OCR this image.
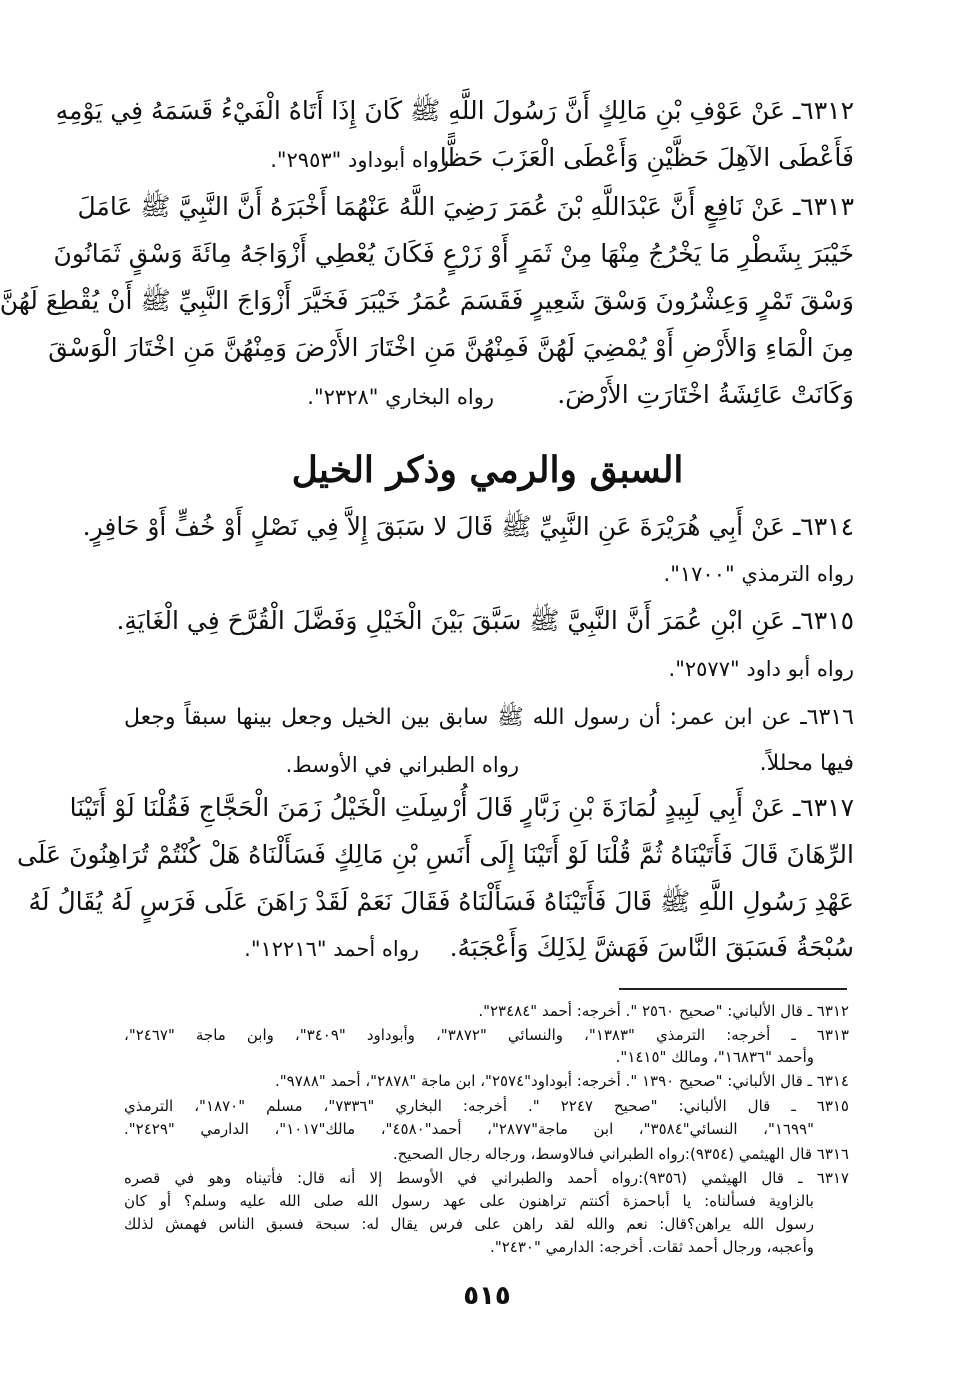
٦٣١٢ـ عَنْ عَوْفِ بْنِ مَالِكٍ أَنَّ رَسُولَ اللَّهِ ﷺ كَانَ إِذَا أَتَاهُ الْفَيْءُ قَسَمَهُ فِي يَوْمِهِ
فَأَعْطَى الآهِلَ حَظَّيْنِ وَأَعْطَى الْعَزَبَ حَظًّا.
رواه أبوداود "٢٩٥٣".
٦٣١٣ـ عَنْ نَافِعٍ أَنَّ عَبْدَاللَّهِ بْنَ عُمَرَ رَضِيَ اللَّهُ عَنْهُمَا أَخْبَرَهُ أَنَّ النَّبِيَّ ﷺ عَامَلَ
خَيْبَرَ بِشَطْرِ مَا يَخْرُجُ مِنْهَا مِنْ ثَمَرٍ أَوْ زَرْعٍ فَكَانَ يُعْطِي أَزْوَاجَهُ مِائَةَ وَسْقٍ ثَمَانُونَ
وَسْقَ تَمْرٍ وَعِشْرُونَ وَسْقَ شَعِيرٍ فَقَسَمَ عُمَرُ خَيْبَرَ فَخَيَّرَ أَزْوَاجَ النَّبِيِّ ﷺ أَنْ يُقْطِعَ لَهُنَّ
مِنَ الْمَاءِ وَالأَرْضِ أَوْ يُمْضِيَ لَهُنَّ فَمِنْهُنَّ مَنِ اخْتَارَ الأَرْضَ وَمِنْهُنَّ مَنِ اخْتَارَ الْوَسْقَ
وَكَانَتْ عَائِشَةُ اخْتَارَتِ الأَرْضَ.
رواه البخاري "٢٣٢٨".
السبق والرمي وذكر الخيل
٦٣١٤ـ عَنْ أَبِي هُرَيْرَةَ عَنِ النَّبِيِّ ﷺ قَالَ لا سَبَقَ إِلاَّ فِي نَصْلٍ أَوْ خُفٍّ أَوْ حَافِرٍ.
رواه الترمذي "١٧٠٠".
٦٣١٥ـ عَنِ ابْنِ عُمَرَ أَنَّ النَّبِيَّ ﷺ سَبَّقَ بَيْنَ الْخَيْلِ وَفَضَّلَ الْقُرَّحَ فِي الْغَايَةِ.
رواه أبو داود "٢٥٧٧".
٦٣١٦ـ عن ابن عمر: أن رسول الله ﷺ سابق بين الخيل وجعل بينها سبقاً وجعل
فيها محللاً.
رواه الطبراني في الأوسط.
٦٣١٧ـ عَنْ أَبِي لَبِيدٍ لُمَازَةَ بْنِ زَبَّارٍ قَالَ أُرْسِلَتِ الْخَيْلُ زَمَنَ الْحَجَّاجِ فَقُلْنَا لَوْ أَتَيْنَا
الرِّهَانَ قَالَ فَأَتَيْنَاهُ ثُمَّ قُلْنَا لَوْ أَتَيْنَا إِلَى أَنَسِ بْنِ مَالِكٍ فَسَأَلْنَاهُ هَلْ كُنْتُمْ تُرَاهِنُونَ عَلَى
عَهْدِ رَسُولِ اللَّهِ ﷺ قَالَ فَأَتَيْنَاهُ فَسَأَلْنَاهُ فَقَالَ نَعَمْ لَقَدْ رَاهَنَ عَلَى فَرَسٍ لَهُ يُقَالُ لَهُ
سُبْحَةُ فَسَبَقَ النَّاسَ فَهَشَّ لِذَلِكَ وَأَعْجَبَهُ.
رواه أحمد "١٢٢١٦".
٦٣١٢ ـ قال الألباني: "صحيح ٢٥٦٠ ". أخرجه: أحمد "٢٣٤٨٤".
٦٣١٣ ـ أخرجه: الترمذي "١٣٨٣"، والنسائي "٣٨٧٢"، وأبوداود "٣٤٠٩"، وابن ماجة "٢٤٦٧"،
وأحمد "١٦٨٣٦"، ومالك "١٤١٥".
٦٣١٤ ـ قال الألباني: "صحيح ١٣٩٠ ". أخرجه: أبوداود"٢٥٧٤"، ابن ماجة "٢٨٧٨"، أحمد "٩٧٨٨".
٦٣١٥ ـ قال الألباني: "صحيح ٢٢٤٧ ". أخرجه: البخاري "٧٣٣٦"، مسلم "١٨٧٠"، الترمذي
"١٦٩٩"، النسائي"٣٥٨٤"، ابن ماجة"٢٨٧٧"، أحمد"٤٥٨٠"، مالك"١٠١٧"، الدارمي "٢٤٢٩".
٦٣١٦ قال الهيثمي (٩٣٥٤):رواه الطبراني فىالاوسط، ورجاله رجال الصحيح.
٦٣١٧ ـ قال الهيثمي (٩٣٥٦):رواه أحمد والطبراني في الأوسط إلا أنه قال: فأتيناه وهو في قصره
بالزاوية فسألناه: يا أباحمزة أكنتم تراهنون على عهد رسول الله صلى الله عليه وسلم؟ أو كان
رسول الله يراهن؟قال: نعم والله لقد راهن على فرس يقال له: سبحة فسبق الناس فهمش لذلك
وأعجبه، ورجال أحمد ثقات. أخرجه: الدارمي "٢٤٣٠".
٥١٥
